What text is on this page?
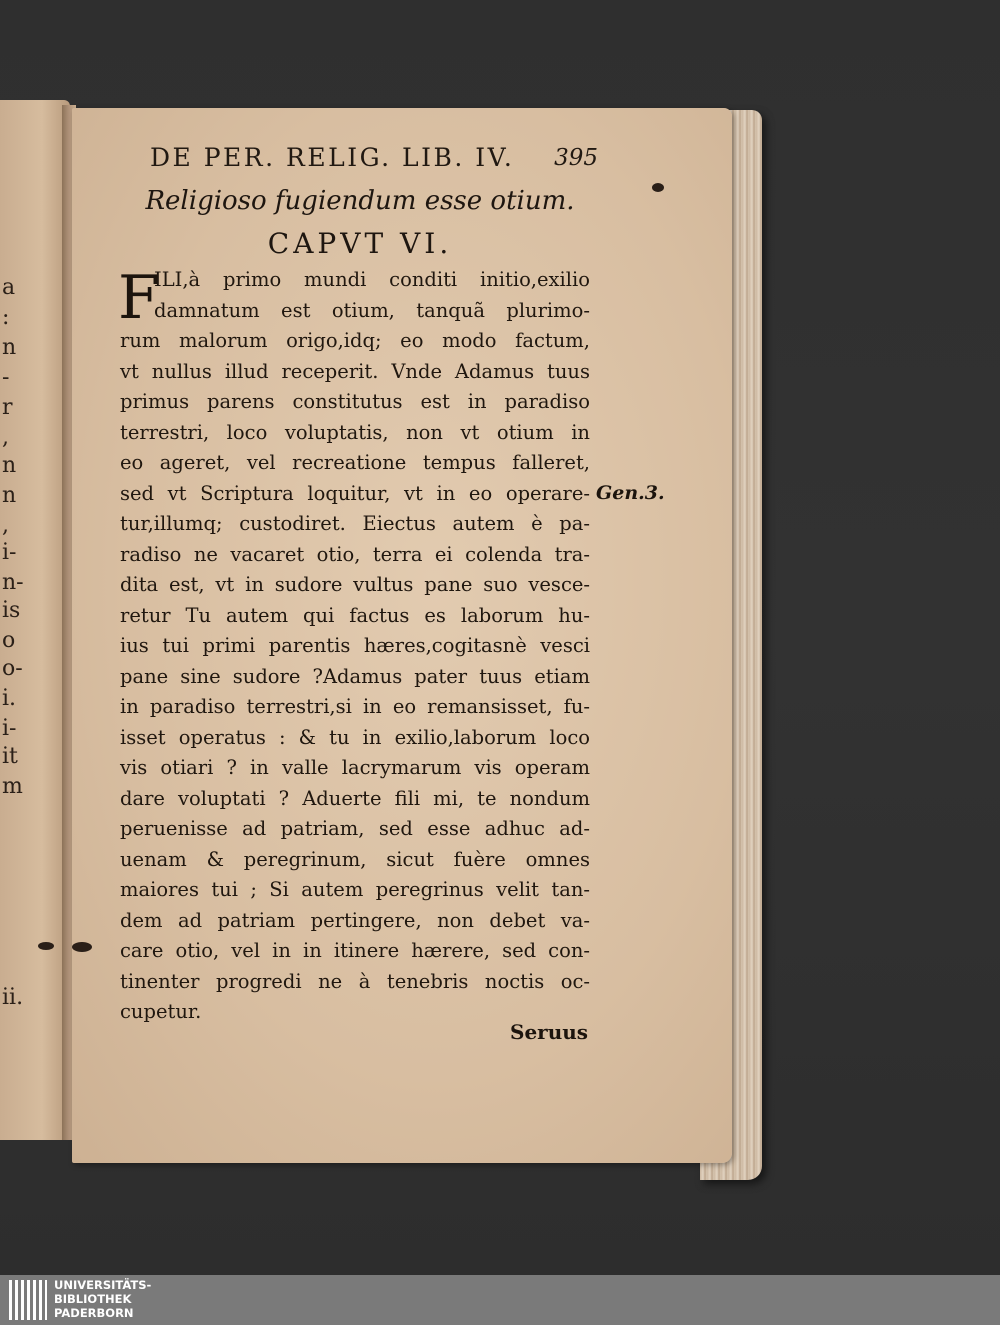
a
:
n
-
r
,
n
n
,
i-
n-
is
o
o-
i.
i-
it
m
ii.
DE PER. RELIG. LIB. IV. 395
Religioso fugiendum esse otium.
CAPVT VI.
F
ILI,à primo mundi conditi initio,exilio
damnatum est otium, tanquã plurimo-
rum malorum origo,idq; eo modo factum,
vt nullus illud receperit. Vnde Adamus tuus
primus parens constitutus est in paradiso
terrestri, loco voluptatis, non vt otium in
eo ageret, vel recreatione tempus falleret,
sed vt Scriptura loquitur, vt in eo operare-
tur,illumq; custodiret. Eiectus autem è pa-
radiso ne vacaret otio, terra ei colenda tra-
dita est, vt in sudore vultus pane suo vesce-
retur Tu autem qui factus es laborum hu-
ius tui primi parentis hæres,cogitasnè vesci
pane sine sudore ?Adamus pater tuus etiam
in paradiso terrestri,si in eo remansisset, fu-
isset operatus : & tu in exilio,laborum loco
vis otiari ? in valle lacrymarum vis operam
dare voluptati ? Aduerte fili mi, te nondum
peruenisse ad patriam, sed esse adhuc ad-
uenam & peregrinum, sicut fuère omnes
maiores tui ; Si autem peregrinus velit tan-
dem ad patriam pertingere, non debet va-
care otio, vel in in itinere hærere, sed con-
tinenter progredi ne à tenebris noctis oc-
cupetur.
Gen.3.
Seruus
UNIVERSITÄTS-
BIBLIOTHEK
PADERBORN
